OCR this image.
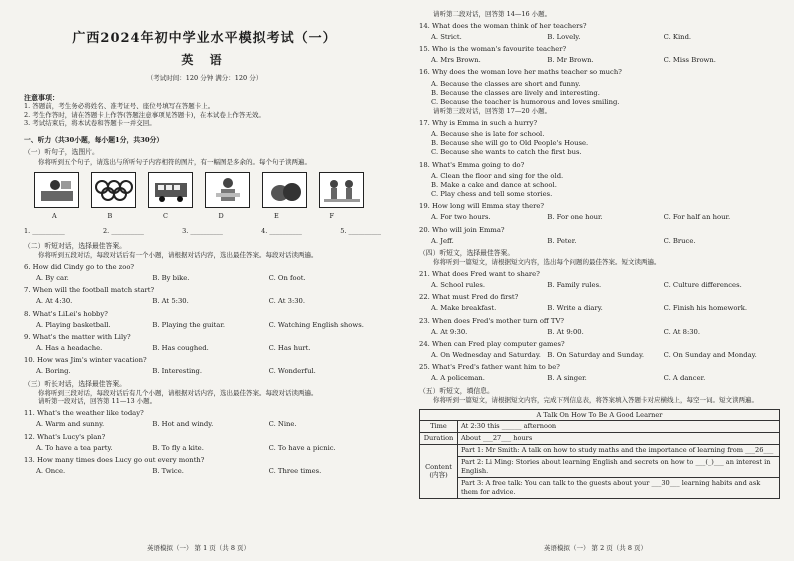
广西2024年初中学业水平模拟考试（一）
英 语
（考试时间：120 分钟 满分：120 分）
注意事项：
1. 答题前，考生务必将姓名、准考证号、座位号填写在答题卡上。
2. 考生作答时，请在答题卡上作答(答题注意事项见答题卡)，在本试卷上作答无效。
3. 考试结束后，将本试卷和答题卡一并交回。
一、听力（共30小题，每小题1分，共30分）
（一）听句子，选图片。
你将听到五个句子，请选出与所听句子内容相符的图片，有一幅图是多余的。每个句子读两遍。
A	B	C	D	E	F
1. __________	2. __________	3. __________	4. __________	5. __________
（二）听短对话，选择最佳答案。
你将听到五段对话，每段对话后有一个小题，请根据对话内容，选出最佳答案。每段对话读两遍。
6. How did Cindy go to the zoo?
A. By car.	B. By bike.	C. On foot.
7. When will the football match start?
A. At 4:30.	B. At 5:30.	C. At 3:30.
8. What's LiLei's hobby?
A. Playing basketball.	B. Playing the guitar.	C. Watching English shows.
9. What's the matter with Lily?
A. Has a headache.	B. Has coughed.	C. Has hurt.
10. How was Jim's winter vacation?
A. Boring.	B. Interesting.	C. Wonderful.
（三）听长对话，选择最佳答案。
你将听到三段对话，每段对话后有几个小题，请根据对话内容，选出最佳答案。每段对话读两遍。
请听第一段对话，回答第 11—13 小题。
11. What's the weather like today?
A. Warm and sunny.	B. Hot and windy.	C. Nine.
12. What's Lucy's plan?
A. To have a tea party.	B. To fly a kite.	C. To have a picnic.
13. How many times does Lucy go out every month?
A. Once.	B. Twice.	C. Three times.
英语模拟（一） 第 1 页（共 8 页）
请听第二段对话，回答第 14—16 小题。
14. What does the woman think of her teachers?
A. Strict.	B. Lovely.	C. Kind.
15. Who is the woman's favourite teacher?
A. Mrs Brown.	B. Mr Brown.	C. Miss Brown.
16. Why does the woman love her maths teacher so much?
A. Because the classes are short and funny.
B. Because the classes are lively and interesting.
C. Because the teacher is humorous and loves smiling.
请听第三段对话，回答第 17—20 小题。
17. Why is Emma in such a hurry?
A. Because she is late for school.
B. Because she will go to Old People's House.
C. Because she wants to catch the first bus.
18. What's Emma going to do?
A. Clean the floor and sing for the old.
B. Make a cake and dance at school.
C. Play chess and tell some stories.
19. How long will Emma stay there?
A. For two hours.	B. For one hour.	C. For half an hour.
20. Who will join Emma?
A. Jeff.	B. Peter.	C. Bruce.
（四）听短文，选择最佳答案。
你将听到一篇短文，请根据短文内容，选出每个问题的最佳答案。短文读两遍。
21. What does Fred want to share?
A. School rules.	B. Family rules.	C. Culture differences.
22. What must Fred do first?
A. Make breakfast.	B. Write a diary.	C. Finish his homework.
23. When does Fred's mother turn off TV?
A. At 9:30.	B. At 9:00.	C. At 8:30.
24. When can Fred play computer games?
A. On Wednesday and Saturday. B. On Saturday and Sunday.	C. On Sunday and Monday.
25. What's Fred's father want him to be?
A. A policeman.	B. A singer.	C. A dancer.
（五）听短文，填信息。
你将听到一篇短文，请根据短文内容，完成下列信息表，将答案填入答题卡对应横线上，每空一词。短文读两遍。
A Talk On How To Be A Good Learner	
Time	At 2:30 this ______ afternoon
Duration	About ___27___ hours

Content
(内容)	Part 1: Mr Smith: A talk on how to study maths and the importance of learning from ___26___
	Part 2: Li Ming: Stories about learning English and secrets on how to ___(_)___ an interest in English.
	Part 3: A free talk: You can talk to the guests about your ___30___ learning habits and ask them for advice.
英语模拟（一） 第 2 页（共 8 页）
